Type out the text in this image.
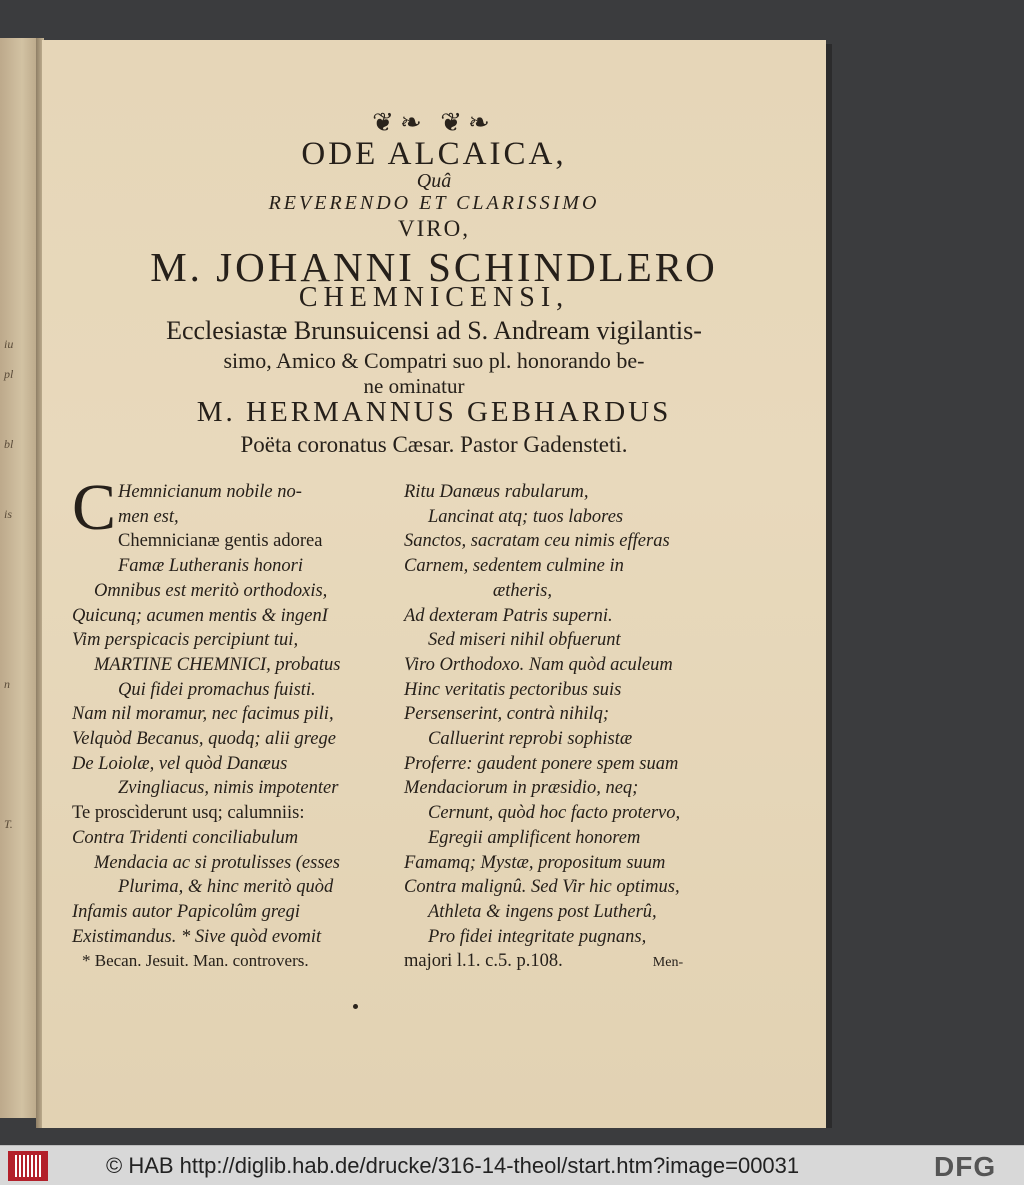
iu
pl
bl
is
n
T.
❦❧ ❦❧
ODE ALCAICA,
Quâ
REVERENDO ET CLARISSIMO
VIRO,
M. JOHANNI SCHINDLERO
CHEMNICENSI,
Ecclesiastæ Brunsuicensi ad S. Andream vigilantis-
simo, Amico & Compatri suo pl. honorando be-
ne ominatur
M. HERMANNUS GEBHARDUS
Poëta coronatus Cæsar. Pastor Gadensteti.
C Hemnicianum nobile no-
men est,
Chemnicianæ gentis adorea
Famæ Lutheranis honori
Omnibus est meritò orthodoxis,
Quicunq; acumen mentis & ingenI
Vim perspicacis percipiunt tui,
MARTINE CHEMNICI, probatus
Qui fidei promachus fuisti.
Nam nil moramur, nec facimus pili,
Velquòd Becanus, quodq; alii grege
De Loiolæ, vel quòd Danæus
Zvingliacus, nimis impotenter
Te proscìderunt usq; calumniis:
Contra Tridenti conciliabulum
Mendacia ac si protulisses (esses
Plurima, & hinc meritò quòd
Infamis autor Papicolûm gregi
Existimandus. * Sive quòd evomit
* Becan. Jesuit. Man. controvers.
Ritu Danæus rabularum,
Lancinat atq; tuos labores
Sanctos, sacratam ceu nimis efferas
Carnem, sedentem culmine in
ætheris,
Ad dexteram Patris superni.
Sed miseri nihil obfuerunt
Viro Orthodoxo. Nam quòd aculeum
Hinc veritatis pectoribus suis
Persenserint, contrà nihilq;
Calluerint reprobi sophistæ
Proferre: gaudent ponere spem suam
Mendaciorum in præsidio, neq;
Cernunt, quòd hoc facto protervo,
Egregii amplificent honorem
Famamq; Mystæ, propositum suum
Contra malignû. Sed Vir hic optimus,
Athleta & ingens post Lutherû,
Pro fidei integritate pugnans,
majori l.1. c.5. p.108.	Men-
© HAB http://diglib.hab.de/drucke/316-14-theol/start.htm?image=00031	DFG
